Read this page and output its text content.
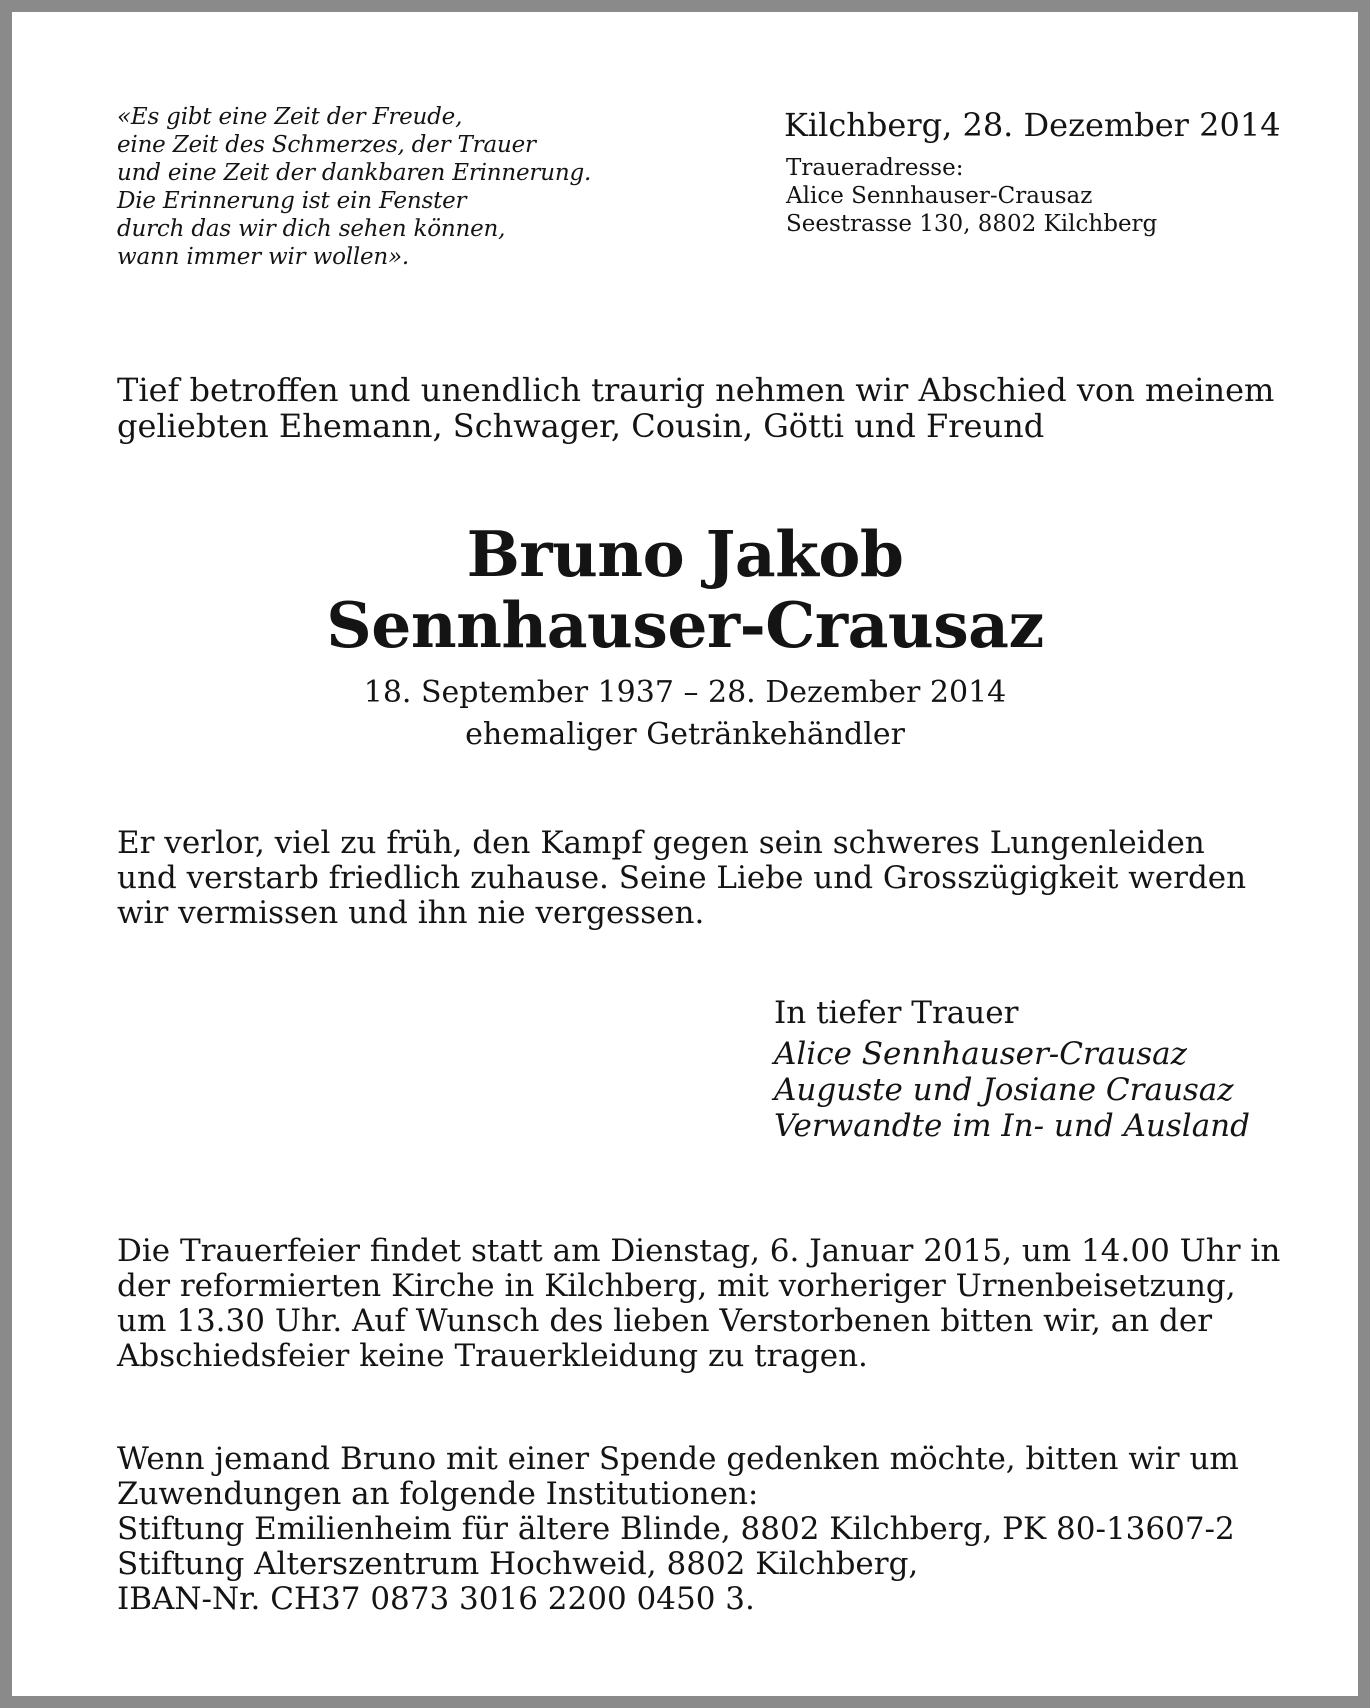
«Es gibt eine Zeit der Freude,
eine Zeit des Schmerzes, der Trauer
und eine Zeit der dankbaren Erinnerung.
Die Erinnerung ist ein Fenster
durch das wir dich sehen können,
wann immer wir wollen».
Kilchberg, 28. Dezember 2014
Traueradresse:
Alice Sennhauser-Crausaz
Seestrasse 130, 8802 Kilchberg
Tief betroffen und unendlich traurig nehmen wir Abschied von meinem
geliebten Ehemann, Schwager, Cousin, Götti und Freund
Bruno Jakob
Sennhauser-Crausaz
18. September 1937 – 28. Dezember 2014
ehemaliger Getränkehändler
Er verlor, viel zu früh, den Kampf gegen sein schweres Lungenleiden
und verstarb friedlich zuhause. Seine Liebe und Grosszügigkeit werden
wir vermissen und ihn nie vergessen.
In tiefer Trauer
Alice Sennhauser-Crausaz
Auguste und Josiane Crausaz
Verwandte im In- und Ausland
Die Trauerfeier findet statt am Dienstag, 6. Januar 2015, um 14.00 Uhr in
der reformierten Kirche in Kilchberg, mit vorheriger Urnenbeisetzung,
um 13.30 Uhr. Auf Wunsch des lieben Verstorbenen bitten wir, an der
Abschiedsfeier keine Trauerkleidung zu tragen.
Wenn jemand Bruno mit einer Spende gedenken möchte, bitten wir um
Zuwendungen an folgende Institutionen:
Stiftung Emilienheim für ältere Blinde, 8802 Kilchberg, PK 80-13607-2
Stiftung Alterszentrum Hochweid, 8802 Kilchberg,
IBAN-Nr. CH37 0873 3016 2200 0450 3.
